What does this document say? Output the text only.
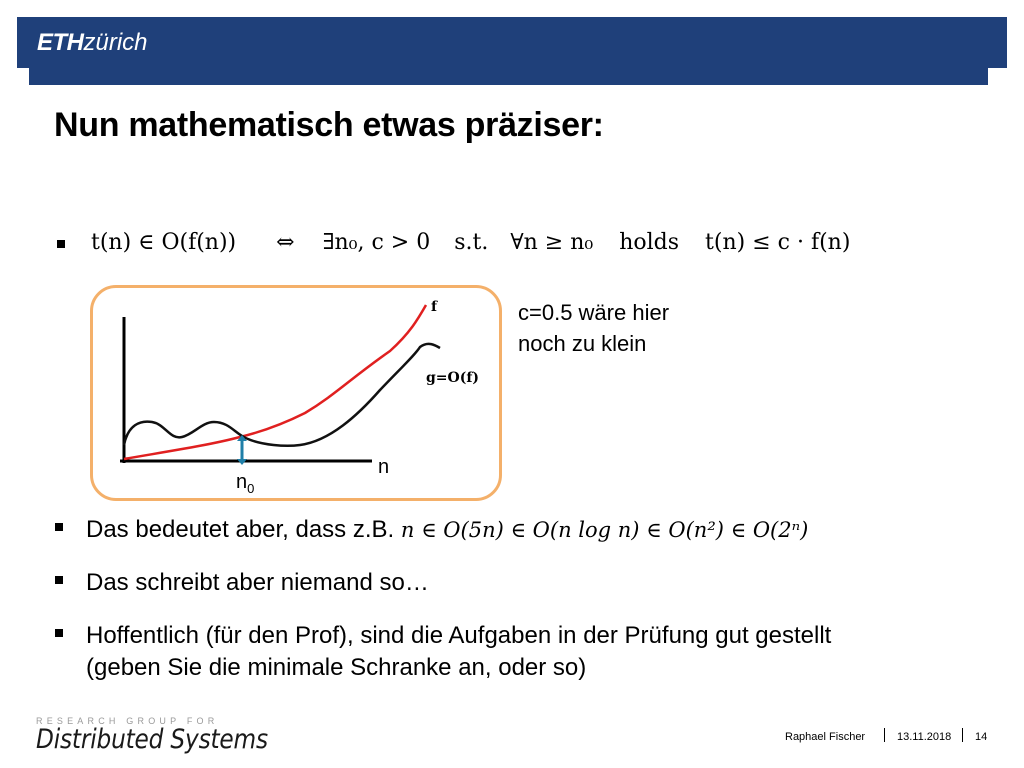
ETHzürich
Nun mathematisch etwas präziser:
t(n) ∈ O(f(n)) ⇔ ∃n₀, c > 0 s.t. ∀n ≥ n₀ holds t(n) ≤ c · f(n)
f
g=O(f)
n
$n_0$
c=0.5 wäre hier
noch zu klein
Das bedeutet aber, dass z.B. n ∈ O(5n) ∈ O(n log n) ∈ O(n²) ∈ O(2ⁿ)
Das schreibt aber niemand so…
Hoffentlich (für den Prof), sind die Aufgaben in der Prüfung gut gestellt
(geben Sie die minimale Schranke an, oder so)
RESEARCH GROUP FOR
Distributed Systems	Raphael Fischer	13.11.2018 14
